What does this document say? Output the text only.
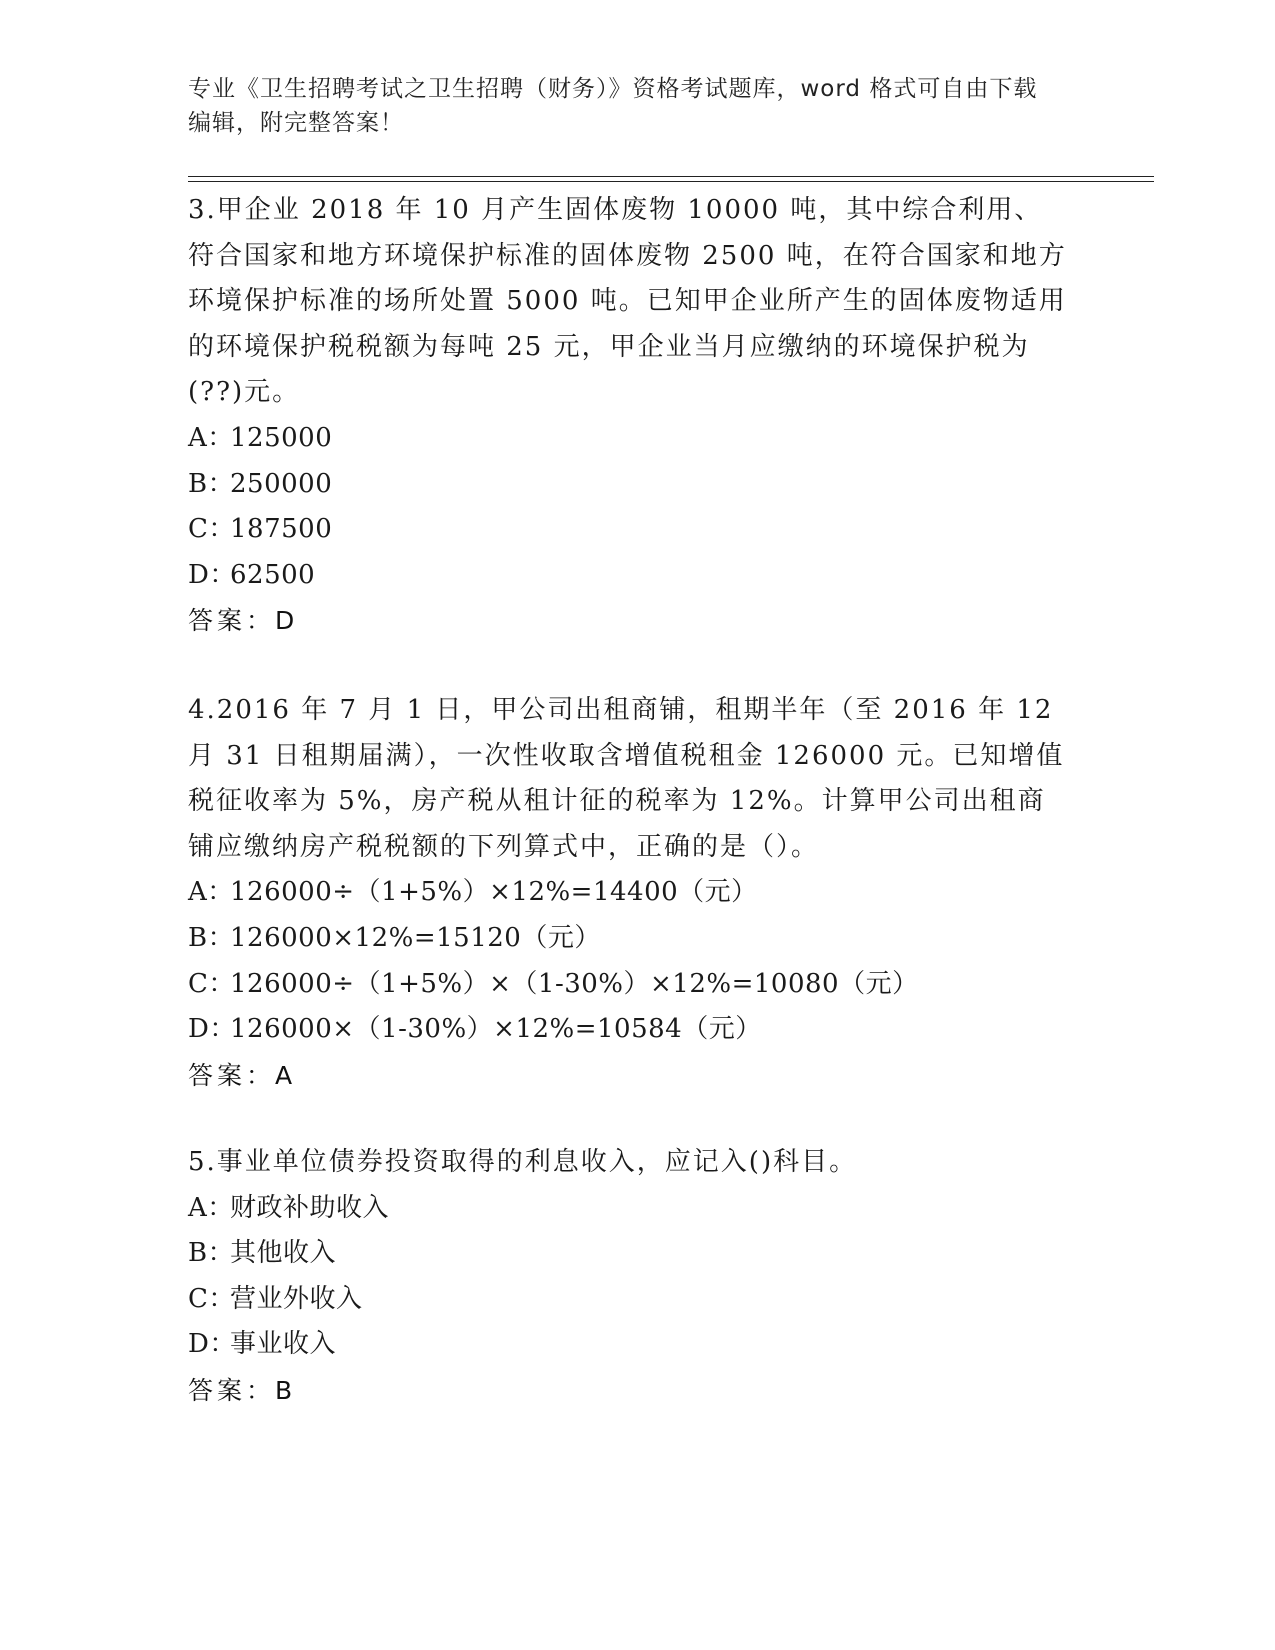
专业《卫生招聘考试之卫生招聘（财务）》资格考试题库，word 格式可自由下载
编辑，附完整答案！

3.甲企业 2018 年 10 月产生固体废物 10000 吨，其中综合利用、符合国家和地方环境保护标准的固体废物 2500 吨，在符合国家和地方环境保护标准的场所处置 5000 吨。已知甲企业所产生的固体废物适用的环境保护税税额为每吨 25 元，甲企业当月应缴纳的环境保护税为(??)元。

A：
125000
B：
250000
C：
187500
D：
62500
答案：D

4.2016 年 7 月 1 日，甲公司出租商铺，租期半年（至 2016 年 12 月 31 日租期届满），一次性收取含增值税租金 126000 元。已知增值税征收率为 5%，房产税从租计征的税率为 12%。计算甲公司出租商铺应缴纳房产税税额的下列算式中，正确的是（）。

A：
126000÷（1+5%）×12%=14400（元）
B：
126000×12%=15120（元）
C：
126000÷（1+5%）×（1-30%）×12%=10080（元）
D：
126000×（1-30%）×12%=10584（元）
答案：A

5.事业单位债券投资取得的利息收入，应记入()科目。

A：
财政补助收入
B：
其他收入
C：
营业外收入
D：
事业收入
答案：B
